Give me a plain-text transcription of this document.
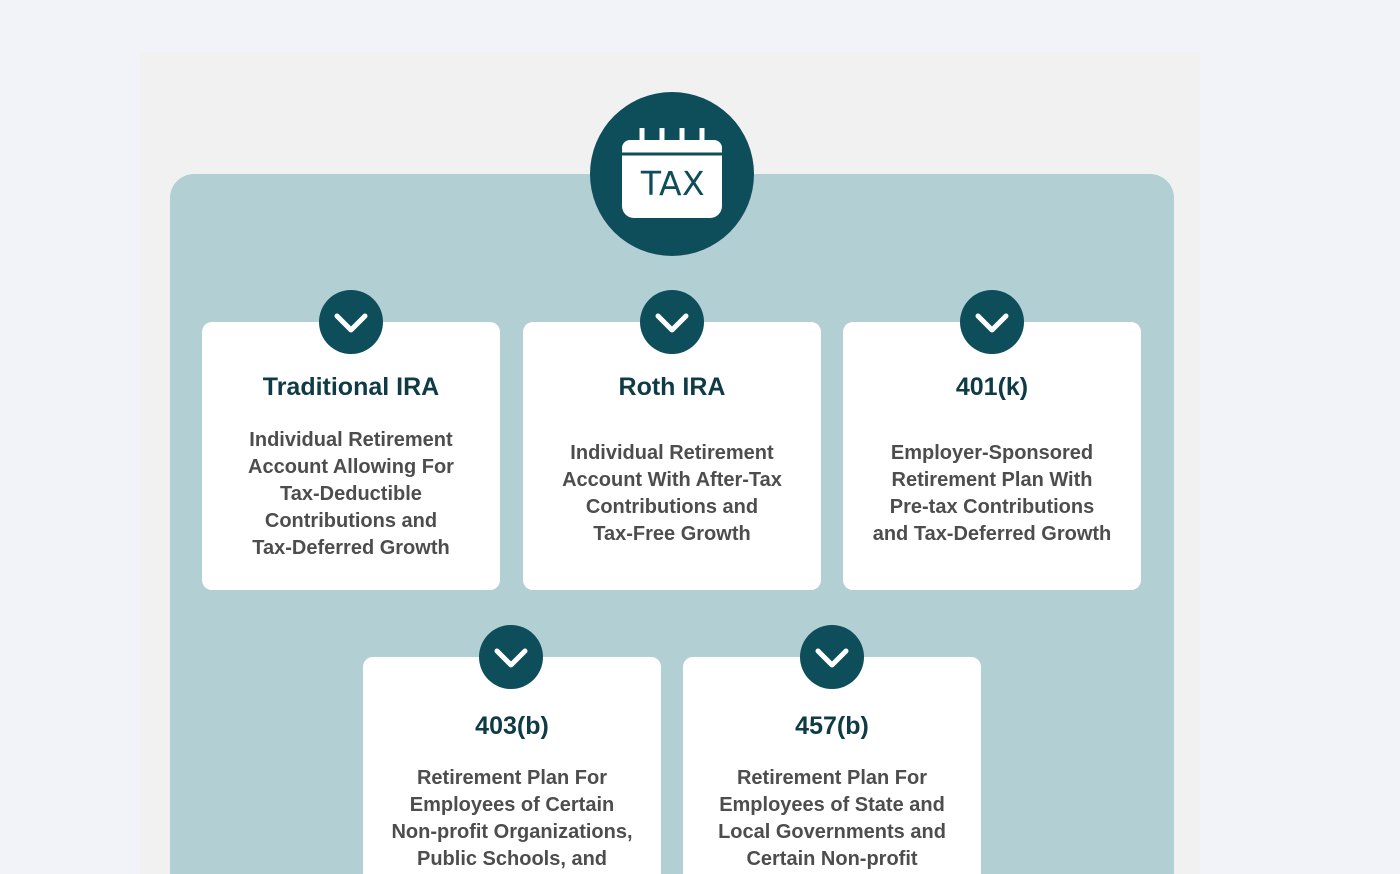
TAX
Traditional IRA
Individual Retirement
Account Allowing For
Tax-Deductible
Contributions and
Tax-Deferred Growth
Roth IRA
Individual Retirement
Account With After-Tax
Contributions and
Tax-Free Growth
401(k)
Employer-Sponsored
Retirement Plan With
Pre-tax Contributions
and Tax-Deferred Growth
403(b)
Retirement Plan For
Employees of Certain
Non-profit Organizations,
Public Schools, and
457(b)
Retirement Plan For
Employees of State and
Local Governments and
Certain Non-profit
